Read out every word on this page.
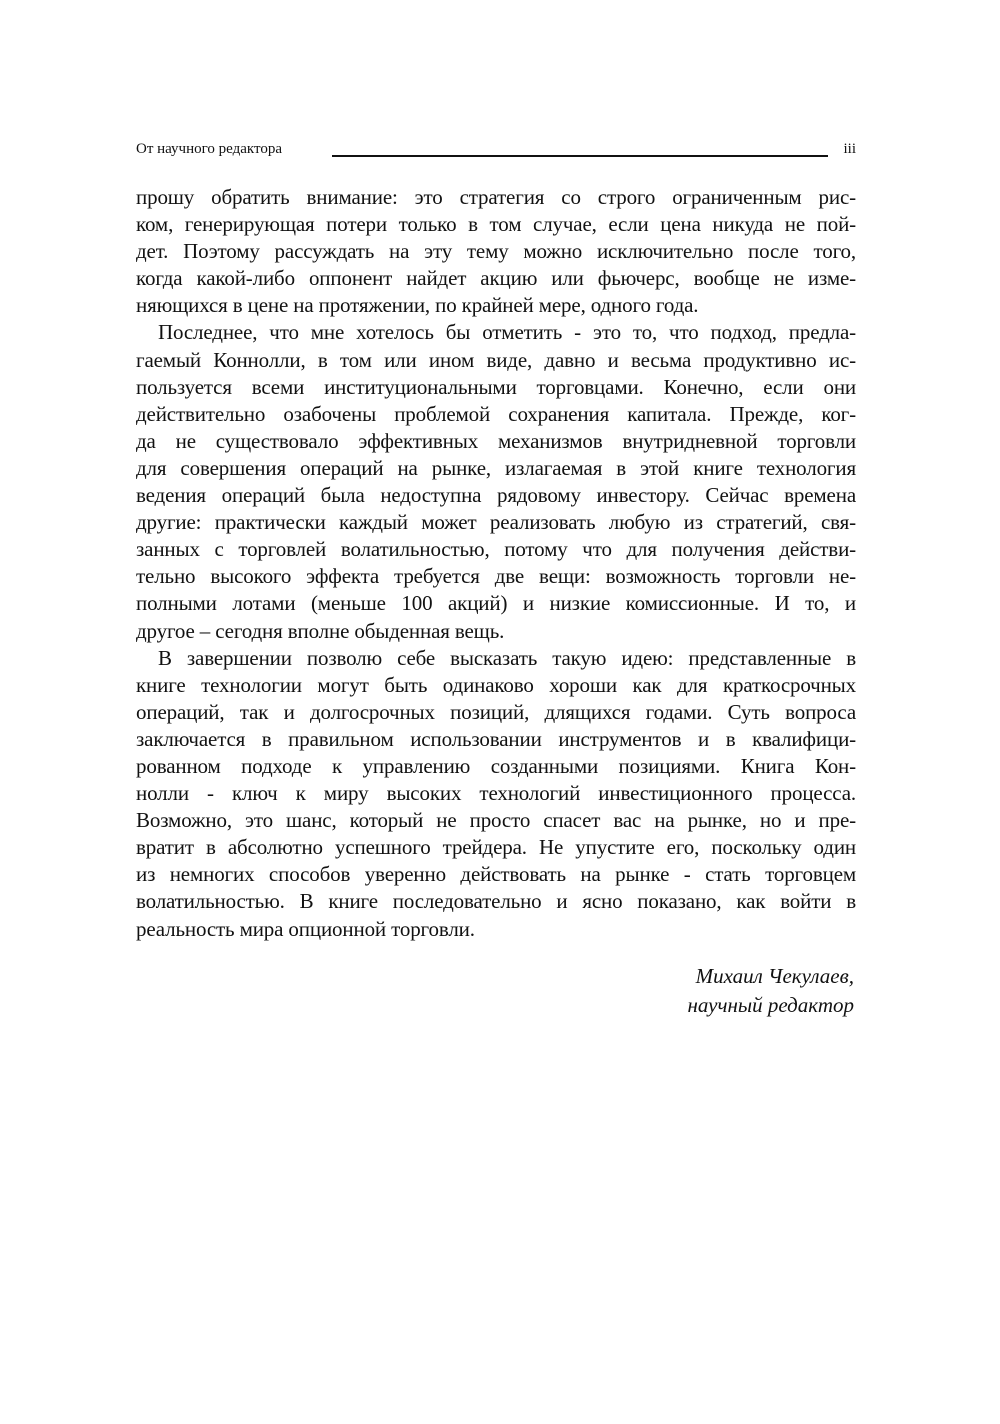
От научного редактора	iii
прошу обратить внимание: это стратегия со строго ограниченным рис-
ком, генерирующая потери только в том случае, если цена никуда не пой-
дет. Поэтому рассуждать на эту тему можно исключительно после того,
когда какой-либо оппонент найдет акцию или фьючерс, вообще не изме-
няющихся в цене на протяжении, по крайней мере, одного года.
Последнее, что мне хотелось бы отметить - это то, что подход, предла-
гаемый Коннолли, в том или ином виде, давно и весьма продуктивно ис-
пользуется всеми институциональными торговцами. Конечно, если они
действительно озабочены проблемой сохранения капитала. Прежде, ког-
да не существовало эффективных механизмов внутридневной торговли
для совершения операций на рынке, излагаемая в этой книге технология
ведения операций была недоступна рядовому инвестору. Сейчас времена
другие: практически каждый может реализовать любую из стратегий, свя-
занных с торговлей волатильностью, потому что для получения действи-
тельно высокого эффекта требуется две вещи: возможность торговли не-
полными лотами (меньше 100 акций) и низкие комиссионные. И то, и
другое – сегодня вполне обыденная вещь.
В завершении позволю себе высказать такую идею: представленные в
книге технологии могут быть одинаково хороши как для краткосрочных
операций, так и долгосрочных позиций, длящихся годами. Суть вопроса
заключается в правильном использовании инструментов и в квалифици-
рованном подходе к управлению созданными позициями. Книга Кон-
нолли - ключ к миру высоких технологий инвестиционного процесса.
Возможно, это шанс, который не просто спасет вас на рынке, но и пре-
вратит в абсолютно успешного трейдера. Не упустите его, поскольку один
из немногих способов уверенно действовать на рынке - стать торговцем
волатильностью. В книге последовательно и ясно показано, как войти в
реальность мира опционной торговли.
Михаил Чекулаев,
научный редактор
